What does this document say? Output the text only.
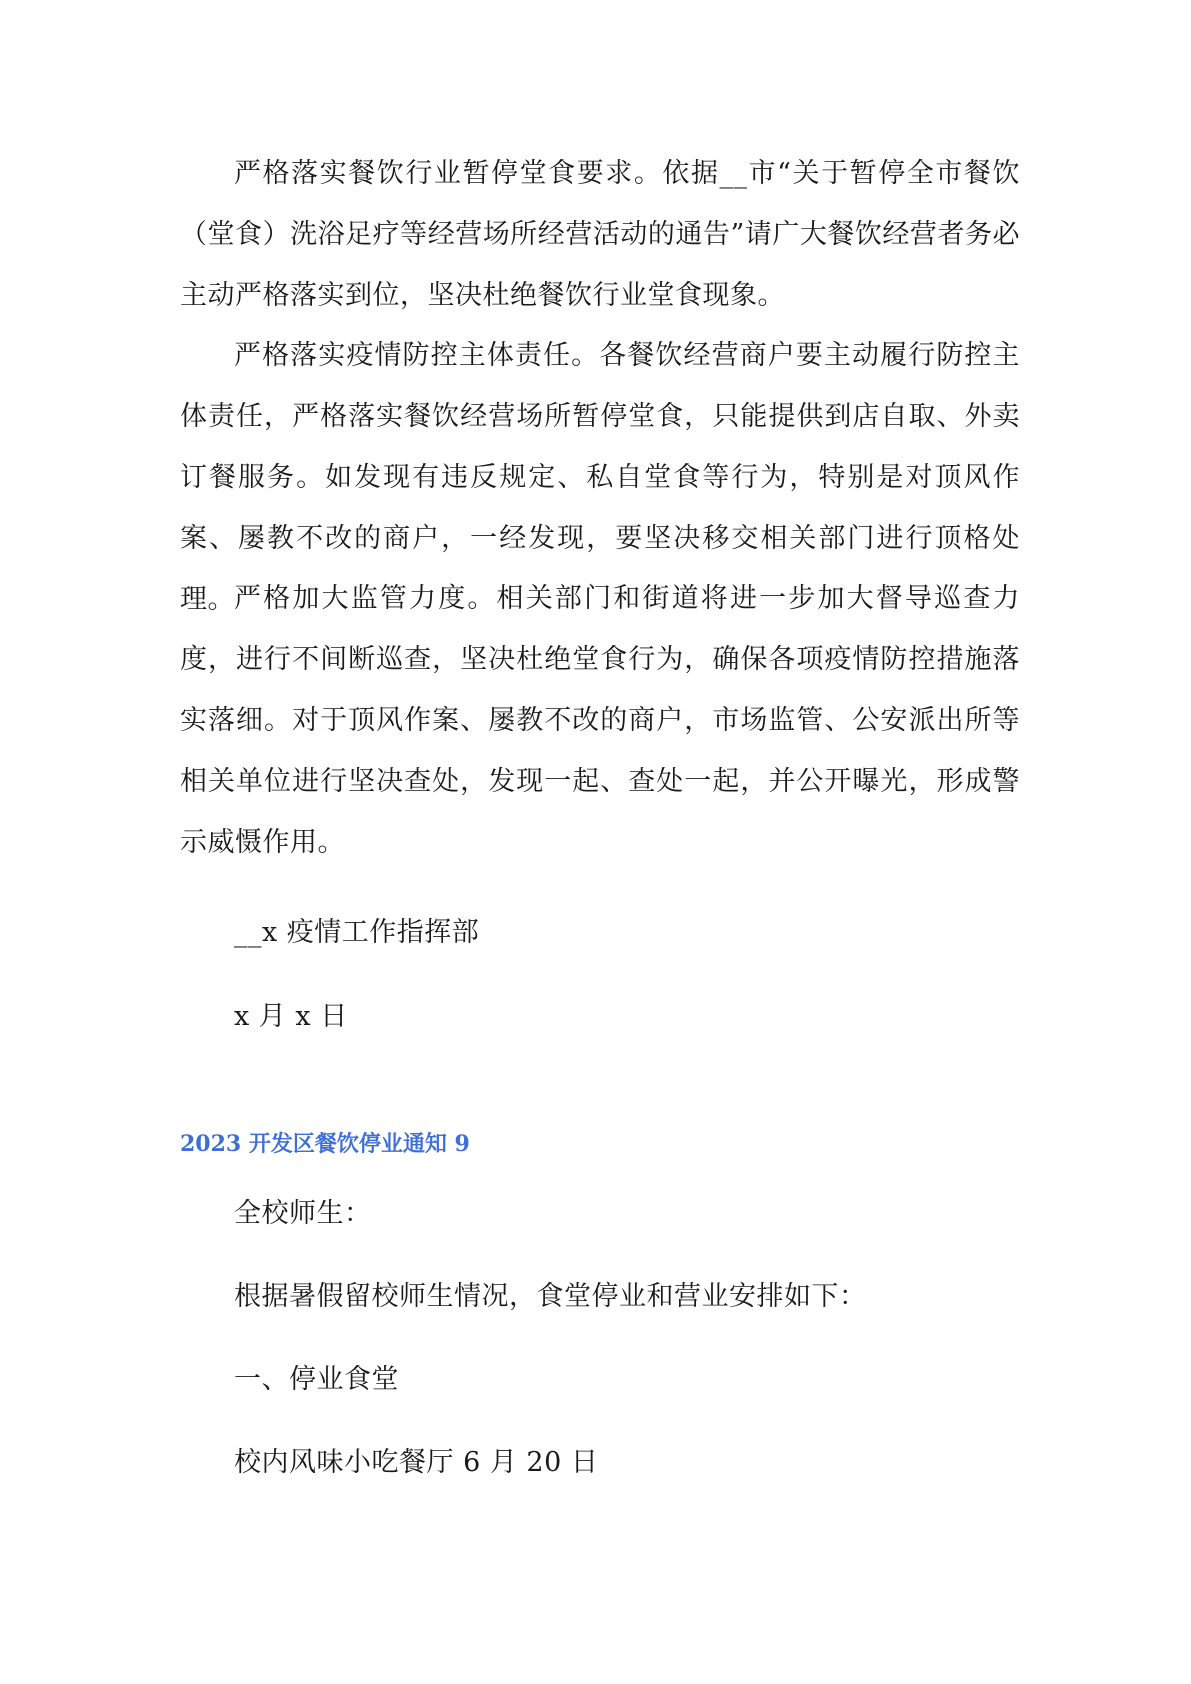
严格落实餐饮行业暂停堂食要求。依据__市“关于暂停全市餐饮（堂食）洗浴足疗等经营场所经营活动的通告”请广大餐饮经营者务必主动严格落实到位，坚决杜绝餐饮行业堂食现象。

严格落实疫情防控主体责任。各餐饮经营商户要主动履行防控主体责任，严格落实餐饮经营场所暂停堂食，只能提供到店自取、外卖订餐服务。如发现有违反规定、私自堂食等行为，特别是对顶风作案、屡教不改的商户，一经发现，要坚决移交相关部门进行顶格处理。 严格加大监管力度。相关部门和街道将进一步加大督导巡查力度，进行不间断巡查，坚决杜绝堂食行为，确保各项疫情防控措施落实落细。对于顶风作案、屡教不改的商户，市场监管、公安派出所等相关单位进行坚决查处，发现一起、查处一起，并公开曝光，形成警示威慑作用。

__x 疫情工作指挥部

x 月 x 日

2023 开发区餐饮停业通知 9

全校师生：

根据暑假留校师生情况，食堂停业和营业安排如下：

一、停业食堂

校内风味小吃餐厅 6 月 20 日
